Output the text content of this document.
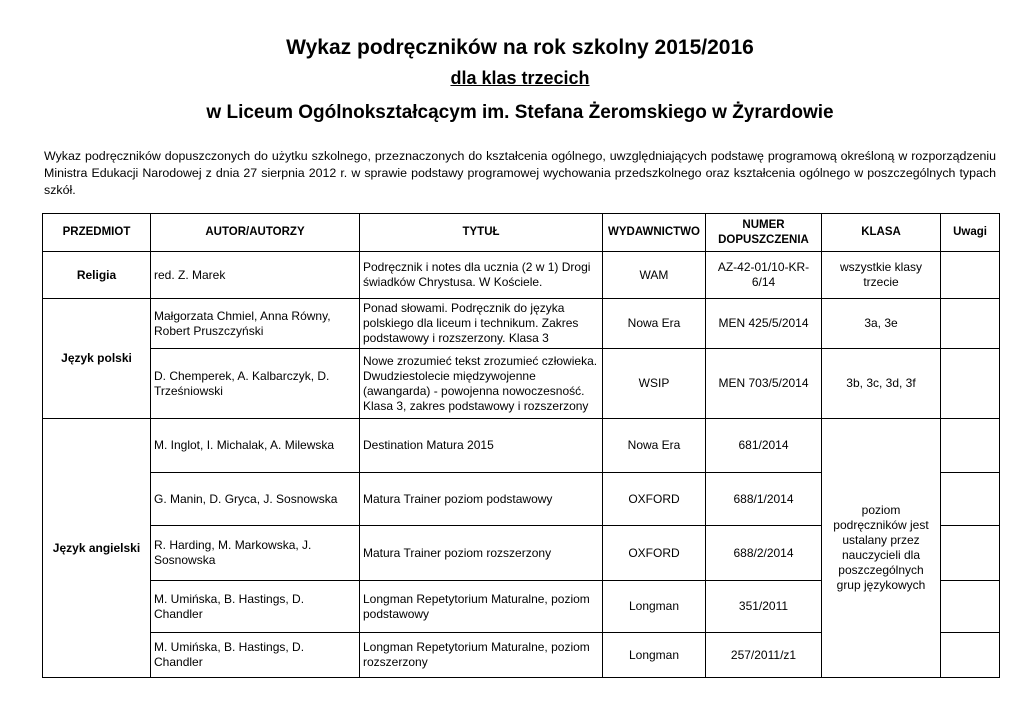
Wykaz podręczników na rok szkolny 2015/2016
dla klas trzecich
w Liceum Ogólnokształcącym im. Stefana Żeromskiego w Żyrardowie
Wykaz podręczników dopuszczonych do użytku szkolnego, przeznaczonych do kształcenia ogólnego, uwzględniających podstawę programową określoną w rozporządzeniu Ministra Edukacji Narodowej z dnia 27 sierpnia 2012 r. w sprawie podstawy programowej wychowania przedszkolnego oraz kształcenia ogólnego w poszczególnych typach szkół.
PRZEDMIOT	AUTOR/AUTORZY	TYTUŁ	WYDAWNICTWO	NUMER DOPUSZCZENIA	KLASA	Uwagi
Religia	red. Z. Marek	Podręcznik i notes dla ucznia (2 w 1) Drogi świadków Chrystusa. W Kościele.	WAM	AZ-42-01/10-KR-6/14	wszystkie klasy trzecie	
Język polski	Małgorzata Chmiel, Anna Równy, Robert Pruszczyński	Ponad słowami. Podręcznik do języka polskiego dla liceum i technikum. Zakres podstawowy i rozszerzony. Klasa 3	Nowa Era	MEN 425/5/2014	3a, 3e	
	D. Chemperek, A. Kalbarczyk, D. Trześniowski	Nowe zrozumieć tekst zrozumieć człowieka. Dwudziestolecie międzywojenne (awangarda) - powojenna nowoczesność. Klasa 3, zakres podstawowy i rozszerzony	WSIP	MEN 703/5/2014	3b, 3c, 3d, 3f	
Język angielski	M. Inglot, I. Michalak, A. Milewska	Destination Matura 2015	Nowa Era	681/2014	poziom podręczników jest ustalany przez nauczycieli dla poszczególnych grup językowych	
	G. Manin, D. Gryca, J. Sosnowska	Matura Trainer poziom podstawowy	OXFORD	688/1/2014		
	R. Harding, M. Markowska, J. Sosnowska	Matura Trainer poziom rozszerzony	OXFORD	688/2/2014		
	M. Umińska, B. Hastings, D. Chandler	Longman Repetytorium Maturalne, poziom podstawowy	Longman	351/2011		
	M. Umińska, B. Hastings, D. Chandler	Longman Repetytorium Maturalne, poziom rozszerzony	Longman	257/2011/z1		
